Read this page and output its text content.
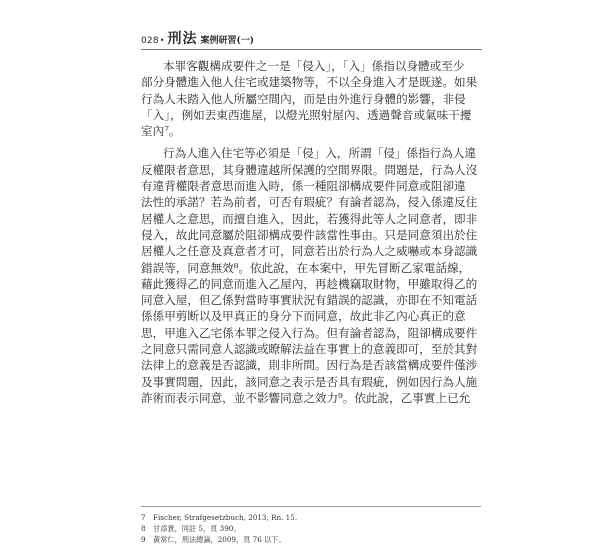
028 • 刑法 案例研習(一)
本罪客觀構成要件之一是「侵入」，「入」係指以身體或至少
部分身體進入他人住宅或建築物等，不以全身進入才是既遂。如果
行為人未踏入他人所屬空間內，而是由外進行身體的影響，非侵
「入」，例如丟東西進屋，以燈光照射屋內、透過聲音或氣味干擾
室內⁷。
行為人進入住宅等必須是「侵」入，所謂「侵」係指行為人違
反權限者意思，其身體違越所保護的空間界限。問題是，行為人沒
有違背權限者意思而進入時，係一種阻卻構成要件同意或阻卻違
法性的承諾？若為前者，可否有瑕疵？有論者認為，侵入係違反住
居權人之意思，而擅自進入，因此，若獲得此等人之同意者，即非
侵入，故此同意屬於阻卻構成要件該當性事由。只是同意須出於住
居權人之任意及真意者才可，同意若出於行為人之威嚇或本身認識
錯誤等，同意無效⁸。依此說，在本案中，甲先冒断乙家電話線，
藉此獲得乙的同意而進入乙屋內，再趁機竊取財物，甲雖取得乙的
同意入屋，但乙係對當時事實狀況有錯誤的認識，亦即在不知電話
係係甲剪断以及甲真正的身分下而同意，故此非乙內心真正的意
思，甲進入乙宅係本罪之侵入行為。但有論者認為，阻卻構成要件
之同意只需同意人認識或瞭解法益在事實上的意義即可，至於其對
法律上的意義是否認識，則非所問。因行為是否該當構成要件僅涉
及事實問題，因此，該同意之表示是否具有瑕疵，例如因行為人施
詐術而表示同意，並不影響同意之效力⁹。依此說，乙事實上已允
7 Fischer, Strafgesetzbuch, 2013, Rn. 15.
8 甘添貴，同註 5，頁 390。
9 黃常仁，刑法總論，2009，頁 76 以下。
